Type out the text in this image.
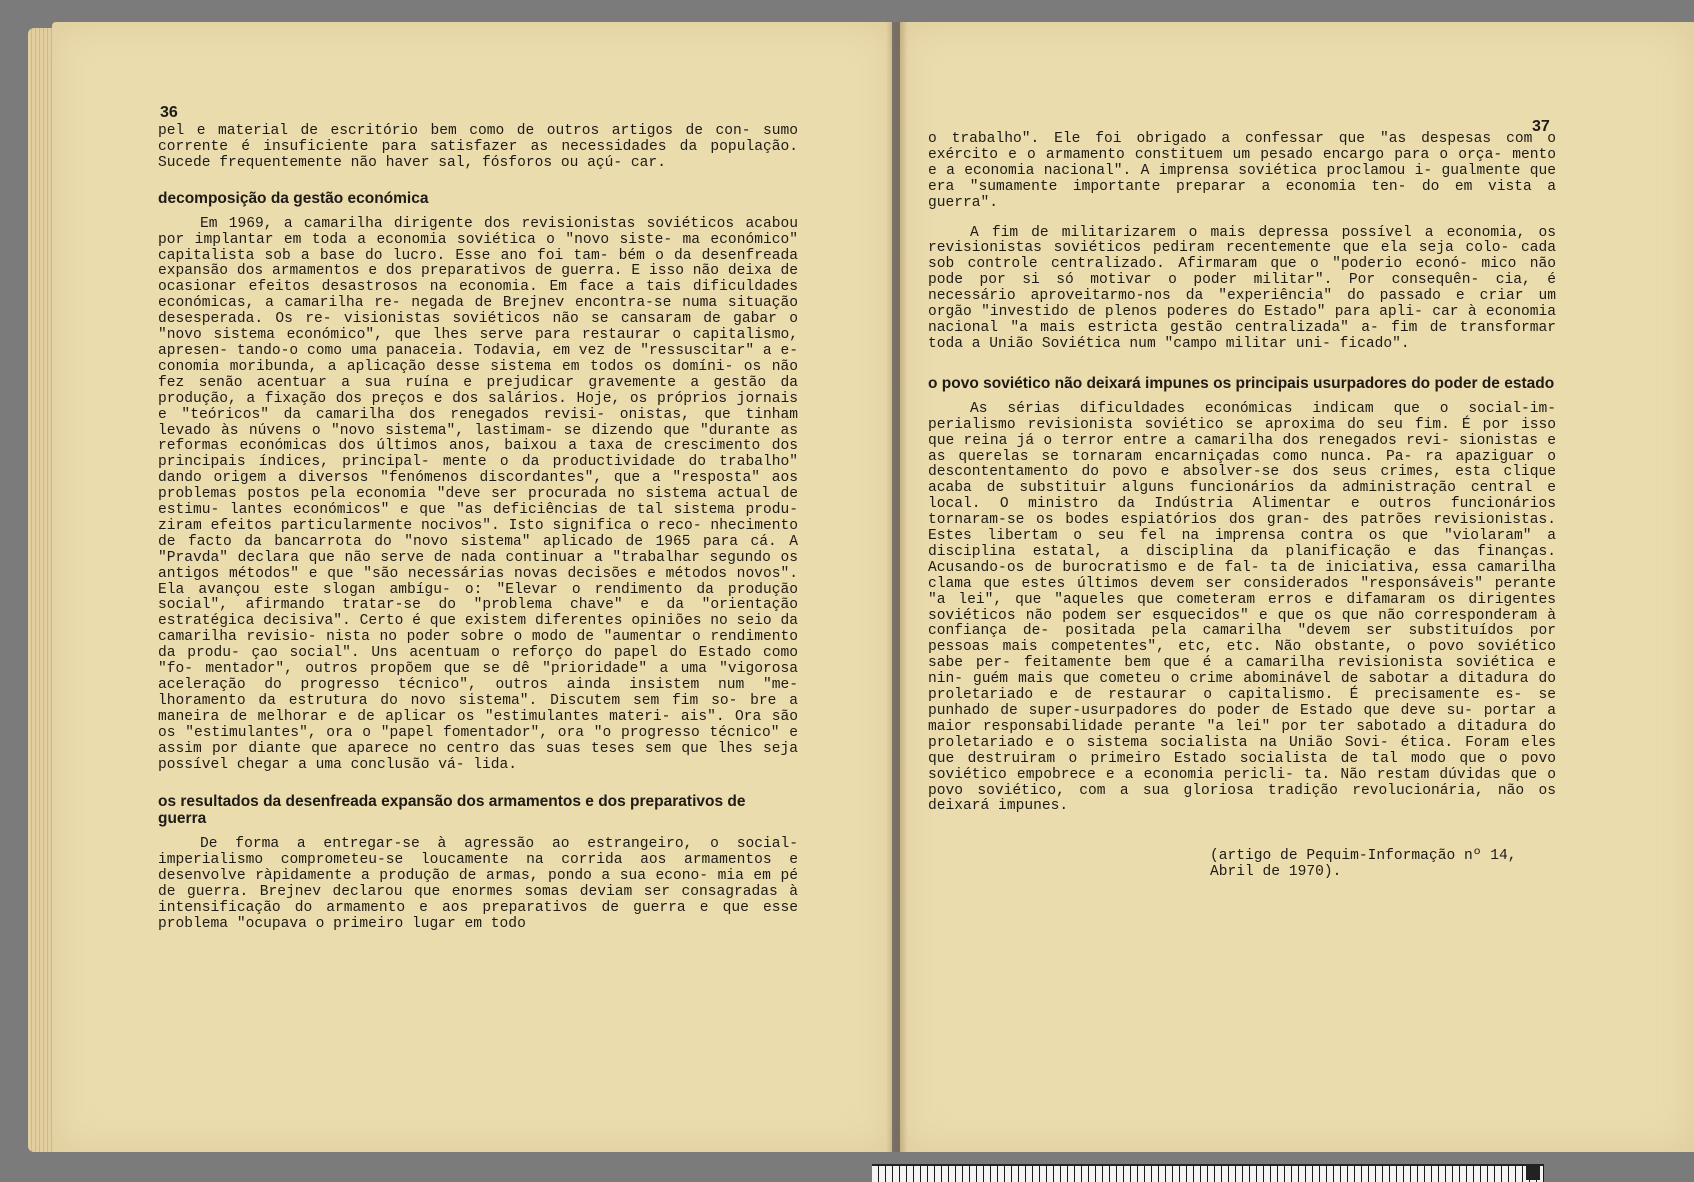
36
37

pel e material de escritório bem como de outros artigos de con- sumo corrente é insuficiente para satisfazer as necessidades da população. Sucede frequentemente não haver sal, fósforos ou açú- car.

decomposição da gestão económica

Em 1969, a camarilha dirigente dos revisionistas soviéticos acabou por implantar em toda a economia soviética o "novo siste- ma económico" capitalista sob a base do lucro. Esse ano foi tam- bém o da desenfreada expansão dos armamentos e dos preparativos de guerra. E isso não deixa de ocasionar efeitos desastrosos na economia. Em face a tais dificuldades económicas, a camarilha re- negada de Brejnev encontra-se numa situação desesperada. Os re- visionistas soviéticos não se cansaram de gabar o "novo sistema económico", que lhes serve para restaurar o capitalismo, apresen- tando-o como uma panaceia. Todavia, em vez de "ressuscitar" a e- conomia moribunda, a aplicação desse sistema em todos os domíni- os não fez senão acentuar a sua ruína e prejudicar gravemente a gestão da produção, a fixação dos preços e dos salários. Hoje, os próprios jornais e "teóricos" da camarilha dos renegados revisi- onistas, que tinham levado às núvens o "novo sistema", lastimam- se dizendo que "durante as reformas económicas dos últimos anos, baixou a taxa de crescimento dos principais índices, principal- mente o da productividade do trabalho" dando origem a diversos "fenómenos discordantes", que a "resposta" aos problemas postos pela economia "deve ser procurada no sistema actual de estimu- lantes económicos" e que "as deficiências de tal sistema produ- ziram efeitos particularmente nocivos". Isto significa o reco- nhecimento de facto da bancarrota do "novo sistema" aplicado de 1965 para cá. A "Pravda" declara que não serve de nada continuar a "trabalhar segundo os antigos métodos" e que "são necessárias novas decisões e métodos novos". Ela avançou este slogan ambígu- o: "Elevar o rendimento da produção social", afirmando tratar-se do "problema chave" e da "orientação estratégica decisiva". Certo é que existem diferentes opiniões no seio da camarilha revisio- nista no poder sobre o modo de "aumentar o rendimento da produ- çao social". Uns acentuam o reforço do papel do Estado como "fo- mentador", outros propõem que se dê "prioridade" a uma "vigorosa aceleração do progresso técnico", outros ainda insistem num "me- lhoramento da estrutura do novo sistema". Discutem sem fim so- bre a maneira de melhorar e de aplicar os "estimulantes materi- ais". Ora são os "estimulantes", ora o "papel fomentador", ora "o progresso técnico" e assim por diante que aparece no centro das suas teses sem que lhes seja possível chegar a uma conclusão vá- lida.

os resultados da desenfreada expansão dos armamentos e dos preparativos de guerra

De forma a entregar-se à agressão ao estrangeiro, o social- imperialismo comprometeu-se loucamente na corrida aos armamentos e desenvolve ràpidamente a produção de armas, pondo a sua econo- mia em pé de guerra. Brejnev declarou que enormes somas deviam ser consagradas à intensificação do armamento e aos preparativos de guerra e que esse problema "ocupava o primeiro lugar em todo

o trabalho". Ele foi obrigado a confessar que "as despesas com o exército e o armamento constituem um pesado encargo para o orça- mento e a economia nacional". A imprensa soviética proclamou i- gualmente que era "sumamente importante preparar a economia ten- do em vista a guerra".

A fim de militarizarem o mais depressa possível a economia, os revisionistas soviéticos pediram recentemente que ela seja colo- cada sob controle centralizado. Afirmaram que o "poderio econó- mico não pode por si só motivar o poder militar". Por consequên- cia, é necessário aproveitarmo-nos da "experiência" do passado e criar um orgão "investido de plenos poderes do Estado" para apli- car à economia nacional "a mais estricta gestão centralizada" a- fim de transformar toda a União Soviética num "campo militar uni- ficado".

o povo soviético não deixará impunes os principais usurpadores do poder de estado

As sérias dificuldades económicas indicam que o social-im- perialismo revisionista soviético se aproxima do seu fim. É por isso que reina já o terror entre a camarilha dos renegados revi- sionistas e as querelas se tornaram encarniçadas como nunca. Pa- ra apaziguar o descontentamento do povo e absolver-se dos seus crimes, esta clique acaba de substituir alguns funcionários da administração central e local. O ministro da Indústria Alimentar e outros funcionários tornaram-se os bodes espiatórios dos gran- des patrões revisionistas. Estes libertam o seu fel na imprensa contra os que "violaram" a disciplina estatal, a disciplina da planificação e das finanças. Acusando-os de burocratismo e de fal- ta de iniciativa, essa camarilha clama que estes últimos devem ser considerados "responsáveis" perante "a lei", que "aqueles que cometeram erros e difamaram os dirigentes soviéticos não podem ser esquecidos" e que os que não corresponderam à confiança de- positada pela camarilha "devem ser substituídos por pessoas mais competentes", etc, etc. Não obstante, o povo soviético sabe per- feitamente bem que é a camarilha revisionista soviética e nin- guém mais que cometeu o crime abominável de sabotar a ditadura do proletariado e de restaurar o capitalismo. É precisamente es- se punhado de super-usurpadores do poder de Estado que deve su- portar a maior responsabilidade perante "a lei" por ter sabotado a ditadura do proletariado e o sistema socialista na União Sovi- ética. Foram eles que destruiram o primeiro Estado socialista de tal modo que o povo soviético empobrece e a economia pericli- ta. Não restam dúvidas que o povo soviético, com a sua gloriosa tradição revolucionária, não os deixará impunes.

(artigo de Pequim-Informação nº 14,
Abril de 1970).
